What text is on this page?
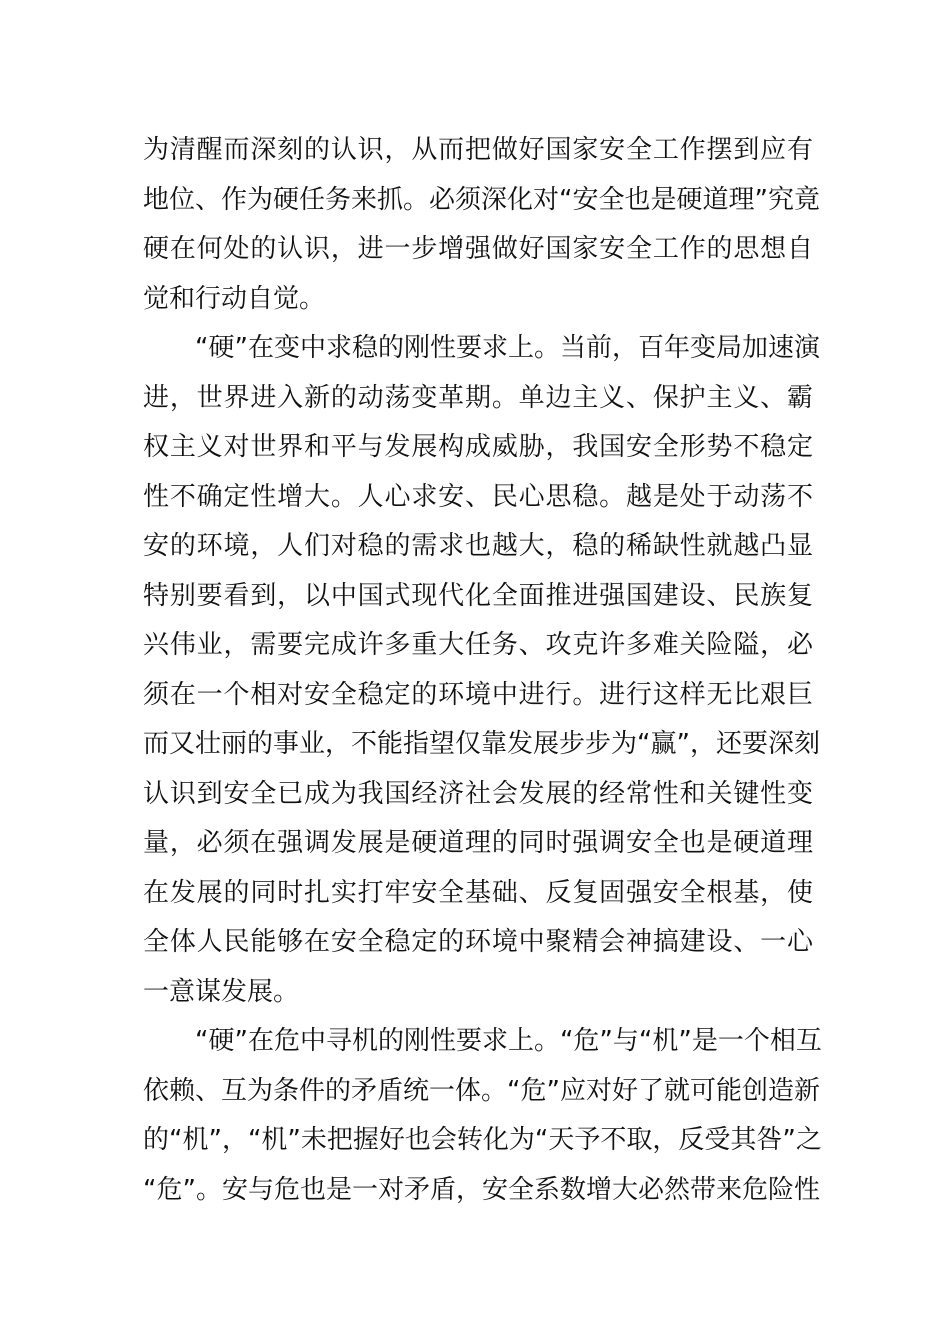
为清醒而深刻的认识，从而把做好国家安全工作摆到应有
地位、作为硬任务来抓。必须深化对“安全也是硬道理”究竟
硬在何处的认识，进一步增强做好国家安全工作的思想自
觉和行动自觉。
“硬”在变中求稳的刚性要求上。当前，百年变局加速演
进，世界进入新的动荡变革期。单边主义、保护主义、霸
权主义对世界和平与发展构成威胁，我国安全形势不稳定
性不确定性增大。人心求安、民心思稳。越是处于动荡不
安的环境，人们对稳的需求也越大，稳的稀缺性就越凸显
特别要看到，以中国式现代化全面推进强国建设、民族复
兴伟业，需要完成许多重大任务、攻克许多难关险隘，必
须在一个相对安全稳定的环境中进行。进行这样无比艰巨
而又壮丽的事业，不能指望仅靠发展步步为“赢”，还要深刻
认识到安全已成为我国经济社会发展的经常性和关键性变
量，必须在强调发展是硬道理的同时强调安全也是硬道理
在发展的同时扎实打牢安全基础、反复固强安全根基，使
全体人民能够在安全稳定的环境中聚精会神搞建设、一心
一意谋发展。
“硬”在危中寻机的刚性要求上。“危”与“机”是一个相互
依赖、互为条件的矛盾统一体。“危”应对好了就可能创造新
的“机”，“机”未把握好也会转化为“天予不取，反受其咎”之
“危”。安与危也是一对矛盾，安全系数增大必然带来危险性
